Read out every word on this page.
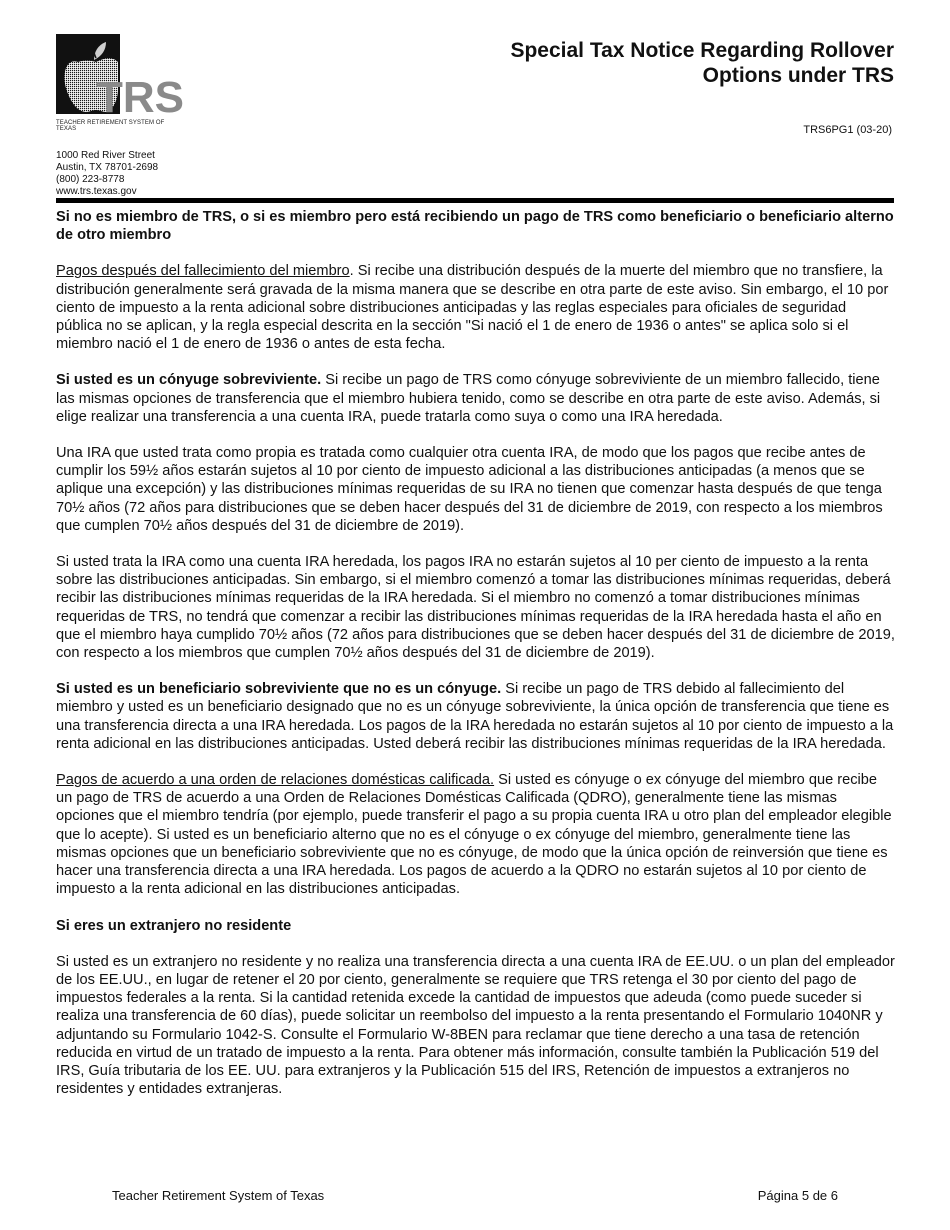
TRS
TEACHER RETIREMENT SYSTEM OF TEXAS
1000 Red River Street
Austin, TX 78701-2698
(800) 223-8778
www.trs.texas.gov
Special Tax Notice Regarding Rollover
Options under TRS
TRS6PG1 (03-20)
Si no es miembro de TRS, o si es miembro pero está recibiendo un pago de TRS como beneficiario o beneficiario alterno de otro miembro

Pagos después del fallecimiento del miembro. Si recibe una distribución después de la muerte del miembro que no transfiere, la distribución generalmente será gravada de la misma manera que se describe en otra parte de este aviso. Sin embargo, el 10 por ciento de impuesto a la renta adicional sobre distribuciones anticipadas y las reglas especiales para oficiales de seguridad pública no se aplican, y la regla especial descrita en la sección "Si nació el 1 de enero de 1936 o antes" se aplica solo si el miembro nació el 1 de enero de 1936 o antes de esta fecha.

Si usted es un cónyuge sobreviviente. Si recibe un pago de TRS como cónyuge sobreviviente de un miembro fallecido, tiene las mismas opciones de transferencia que el miembro hubiera tenido, como se describe en otra parte de este aviso. Además, si elige realizar una transferencia a una cuenta IRA, puede tratarla como suya o como una IRA heredada.

Una IRA que usted trata como propia es tratada como cualquier otra cuenta IRA, de modo que los pagos que recibe antes de cumplir los 59½ años estarán sujetos al 10 por ciento de impuesto adicional a las distribuciones anticipadas (a menos que se aplique una excepción) y las distribuciones mínimas requeridas de su IRA no tienen que comenzar hasta después de que tenga 70½ años (72 años para distribuciones que se deben hacer después del 31 de diciembre de 2019, con respecto a los miembros que cumplen 70½ años después del 31 de diciembre de 2019).

Si usted trata la IRA como una cuenta IRA heredada, los pagos IRA no estarán sujetos al 10 per ciento de impuesto a la renta sobre las distribuciones anticipadas. Sin embargo, si el miembro comenzó a tomar las distribuciones mínimas requeridas, deberá recibir las distribuciones mínimas requeridas de la IRA heredada. Si el miembro no comenzó a tomar distribuciones mínimas requeridas de TRS, no tendrá que comenzar a recibir las distribuciones mínimas requeridas de la IRA heredada hasta el año en que el miembro haya cumplido 70½ años (72 años para distribuciones que se deben hacer después del 31 de diciembre de 2019, con respecto a los miembros que cumplen 70½ años después del 31 de diciembre de 2019).

Si usted es un beneficiario sobreviviente que no es un cónyuge. Si recibe un pago de TRS debido al fallecimiento del miembro y usted es un beneficiario designado que no es un cónyuge sobreviviente, la única opción de transferencia que tiene es una transferencia directa a una IRA heredada. Los pagos de la IRA heredada no estarán sujetos al 10 por ciento de impuesto a la renta adicional en las distribuciones anticipadas. Usted deberá recibir las distribuciones mínimas requeridas de la IRA heredada.

Pagos de acuerdo a una orden de relaciones domésticas calificada. Si usted es cónyuge o ex cónyuge del miembro que recibe un pago de TRS de acuerdo a una Orden de Relaciones Domésticas Calificada (QDRO), generalmente tiene las mismas opciones que el miembro tendría (por ejemplo, puede transferir el pago a su propia cuenta IRA u otro plan del empleador elegible que lo acepte). Si usted es un beneficiario alterno que no es el cónyuge o ex cónyuge del miembro, generalmente tiene las mismas opciones que un beneficiario sobreviviente que no es cónyuge, de modo que la única opción de reinversión que tiene es hacer una transferencia directa a una IRA heredada. Los pagos de acuerdo a la QDRO no estarán sujetos al 10 por ciento de impuesto a la renta adicional en las distribuciones anticipadas.

Si eres un extranjero no residente

Si usted es un extranjero no residente y no realiza una transferencia directa a una cuenta IRA de EE.UU. o un plan del empleador de los EE.UU., en lugar de retener el 20 por ciento, generalmente se requiere que TRS retenga el 30 por ciento del pago de impuestos federales a la renta. Si la cantidad retenida excede la cantidad de impuestos que adeuda (como puede suceder si realiza una transferencia de 60 días), puede solicitar un reembolso del impuesto a la renta presentando el Formulario 1040NR y adjuntando su Formulario 1042-S. Consulte el Formulario W-8BEN para reclamar que tiene derecho a una tasa de retención reducida en virtud de un tratado de impuesto a la renta. Para obtener más información, consulte también la Publicación 519 del IRS, Guía tributaria de los EE. UU. para extranjeros y la Publicación 515 del IRS, Retención de impuestos a extranjeros no residentes y entidades extranjeras.

Teacher Retirement System of Texas	Página 5 de 6
